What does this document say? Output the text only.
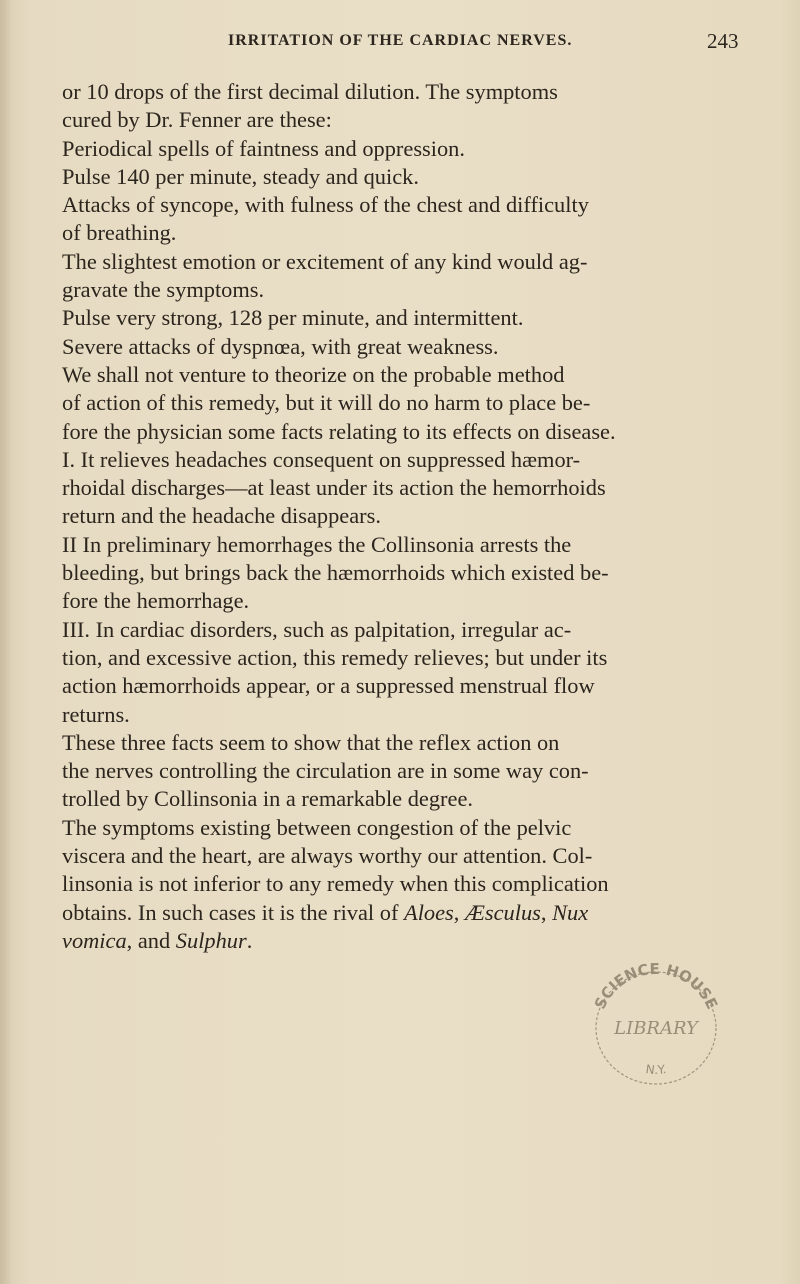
IRRITATION OF THE CARDIAC NERVES.	243
or 10 drops of the first decimal dilution. The symptoms
cured by Dr. Fenner are these:
Periodical spells of faintness and oppression.
Pulse 140 per minute, steady and quick.
Attacks of syncope, with fulness of the chest and difficulty
of breathing.
The slightest emotion or excitement of any kind would ag-
gravate the symptoms.
Pulse very strong, 128 per minute, and intermittent.
Severe attacks of dyspnœa, with great weakness.
We shall not venture to theorize on the probable method
of action of this remedy, but it will do no harm to place be-
fore the physician some facts relating to its effects on disease.
I. It relieves headaches consequent on suppressed hæmor-
rhoidal discharges—at least under its action the hemorrhoids
return and the headache disappears.
II In preliminary hemorrhages the Collinsonia arrests the
bleeding, but brings back the hæmorrhoids which existed be-
fore the hemorrhage.
III. In cardiac disorders, such as palpitation, irregular ac-
tion, and excessive action, this remedy relieves; but under its
action hæmorrhoids appear, or a suppressed menstrual flow
returns.
These three facts seem to show that the reflex action on
the nerves controlling the circulation are in some way con-
trolled by Collinsonia in a remarkable degree.
The symptoms existing between congestion of the pelvic
viscera and the heart, are always worthy our attention. Col-
linsonia is not inferior to any remedy when this complication
obtains. In such cases it is the rival of Aloes, Æsculus, Nux
vomica, and Sulphur.
SCIENCE HOUSE
LIBRARY
N.Y.
